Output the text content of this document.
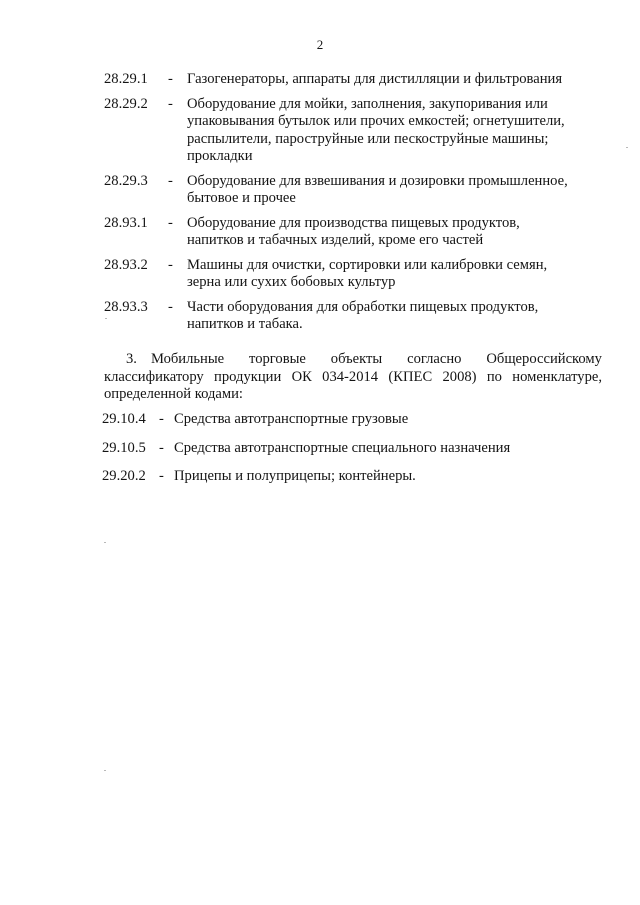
2
28.29.1	- Газогенераторы, аппараты для дистилляции и фильтрования
28.29.2	- Оборудование для мойки, заполнения, закупоривания или
упаковывания бутылок или прочих емкостей; огнетушители,
распылители, пароструйные или пескоструйные машины;
прокладки
28.29.3	- Оборудование для взвешивания и дозировки промышленное,
бытовое и прочее
28.93.1	- Оборудование для производства пищевых продуктов,
напитков и табачных изделий, кроме его частей
28.93.2	- Машины для очистки, сортировки или калибровки семян,
зерна или сухих бобовых культур
28.93.3	- Части оборудования для обработки пищевых продуктов,
напитков и табака.
3. Мобильные торговые объекты согласно Общероссийскому
классификатору продукции ОК 034-2014 (КПЕС 2008) по номенклатуре,
определенной кодами:
29.10.4 - Средства автотранспортные грузовые
29.10.5 - Средства автотранспортные специального назначения
29.20.2 - Прицепы и полуприцепы; контейнеры.
